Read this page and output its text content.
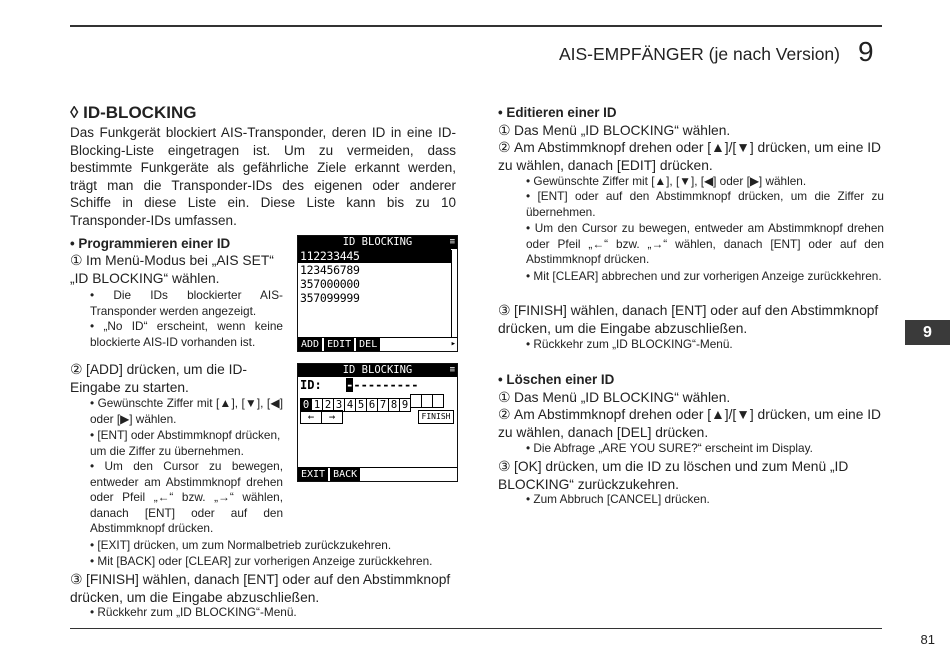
AIS-EMPFÄNGER (je nach Version) 9
9
◊ ID-BLOCKING
Das Funkgerät blockiert AIS-Transponder, deren ID in eine ID-Blocking-Liste eingetragen ist. Um zu vermeiden, dass bestimmte Funkgeräte als gefährliche Ziele erkannt werden, trägt man die Transponder-IDs des eigenen oder anderer Schiffe in diese Liste ein. Diese Liste kann bis zu 10 Transponder-IDs umfassen.
• Programmieren einer ID
① Im Menü-Modus bei „AIS SET“ „ID BLOCKING“ wählen.
• Die IDs blockierter AIS-Transponder werden angezeigt.
• „No ID“ erscheint, wenn keine blockierte AIS-ID vorhanden ist.
ID BLOCKING	≡
112233445
123456789
357000000
357099999
ADD EDIT DEL	▸
② [ADD] drücken, um die ID-Eingabe zu starten.
• Gewünschte Ziffer mit [▲], [▼], [◀] oder [▶] wählen.
• [ENT] oder Abstimmknopf drücken, um die Ziffer zu übernehmen.
• Um den Cursor zu bewegen, entweder am Abstimmknopf drehen oder Pfeil „←“ bzw. „→“ wählen, danach [ENT] oder auf den Abstimmknopf drücken.
• [EXIT] drücken, um zum Normalbetrieb zurückzukehren.
• Mit [BACK] oder [CLEAR] zur vorherigen Anzeige zurückkehren.
ID BLOCKING	≡
ID: ----------
0 1 2 3 4 5 6 7 8 9
← →	FINISH
EXIT BACK
③ [FINISH] wählen, danach [ENT] oder auf den Abstimmknopf drücken, um die Eingabe abzuschließen.
• Rückkehr zum „ID BLOCKING“-Menü.
• Editieren einer ID
① Das Menü „ID BLOCKING“ wählen.
② Am Abstimmknopf drehen oder [▲]/[▼] drücken, um eine ID zu wählen, danach [EDIT] drücken.
• Gewünschte Ziffer mit [▲], [▼], [◀] oder [▶] wählen.
• [ENT] oder auf den Abstimmknopf drücken, um die Ziffer zu übernehmen.
• Um den Cursor zu bewegen, entweder am Abstimmknopf drehen oder Pfeil „←“ bzw. „→“ wählen, danach [ENT] oder auf den Abstimmknopf drücken.
• Mit [CLEAR] abbrechen und zur vorherigen Anzeige zurückkehren.
③ [FINISH] wählen, danach [ENT] oder auf den Abstimmknopf drücken, um die Eingabe abzuschließen.
• Rückkehr zum „ID BLOCKING“-Menü.
• Löschen einer ID
① Das Menü „ID BLOCKING“ wählen.
② Am Abstimmknopf drehen oder [▲]/[▼] drücken, um eine ID zu wählen, danach [DEL] drücken.
• Die Abfrage „ARE YOU SURE?“ erscheint im Display.
③ [OK] drücken, um die ID zu löschen und zum Menü „ID BLOCKING“ zurückzukehren.
• Zum Abbruch [CANCEL] drücken.
81
